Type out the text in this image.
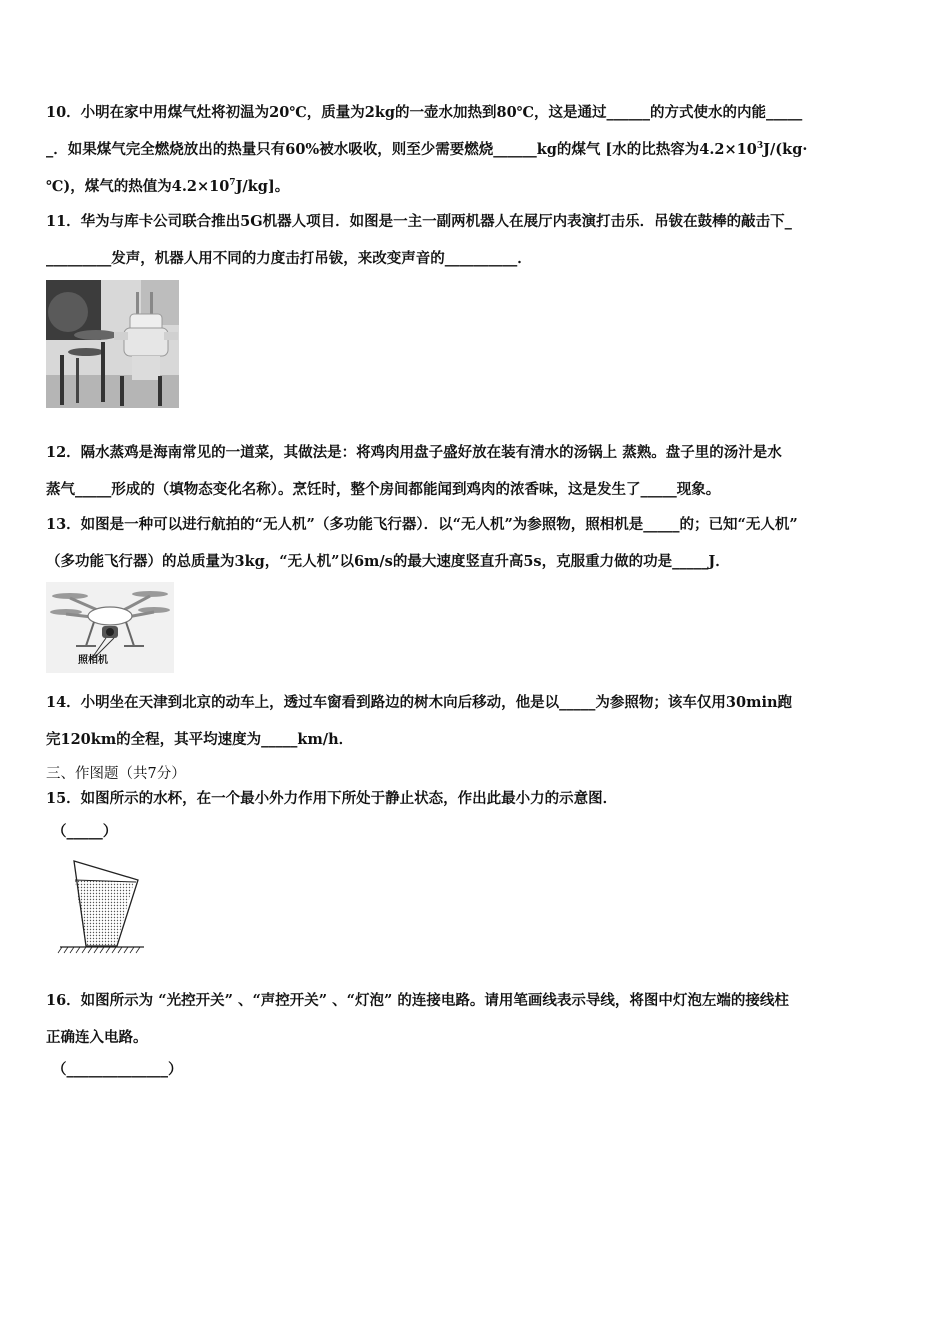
10．小明在家中用煤气灶将初温为20℃，质量为2kg的一壶水加热到80℃，这是通过______的方式使水的内能_____
_．如果煤气完全燃烧放出的热量只有60%被水吸收，则至少需要燃烧______kg的煤气 [水的比热容为$4.2\times 10^3J/(kg\cdot$
℃)，煤气的热值为$4.2\times 10^7J/kg$]。
11．华为与库卡公司联合推出5G机器人项目．如图是一主一副两机器人在展厅内表演打击乐．吊钹在鼓棒的敲击下_
_________发声，机器人用不同的力度击打吊钹，来改变声音的__________．
12．隔水蒸鸡是海南常见的一道菜，其做法是：将鸡肉用盘子盛好放在装有清水的汤锅上 蒸熟。盘子里的汤汁是水
蒸气_____形成的（填物态变化名称）。烹饪时，整个房间都能闻到鸡肉的浓香味，这是发生了_____现象。
13．如图是一种可以进行航拍的“无人机”（多功能飞行器）．以“无人机”为参照物，照相机是_____的；已知“无人机”
（多功能飞行器）的总质量为3kg，“无人机”以6m/s的最大速度竖直升高5s，克服重力做的功是_____J．
照相机
14．小明坐在天津到北京的动车上，透过车窗看到路边的树木向后移动，他是以_____为参照物；该车仅用30min跑
完120km的全程，其平均速度为_____km/h．
三、作图题（共7分）
15．如图所示的水杯，在一个最小外力作用下所处于静止状态，作出此最小力的示意图．
（_____）
16．如图所示为 “光控开关” 、“声控开关” 、“灯泡” 的连接电路。请用笔画线表示导线，将图中灯泡左端的接线柱
正确连入电路。
（______________）
